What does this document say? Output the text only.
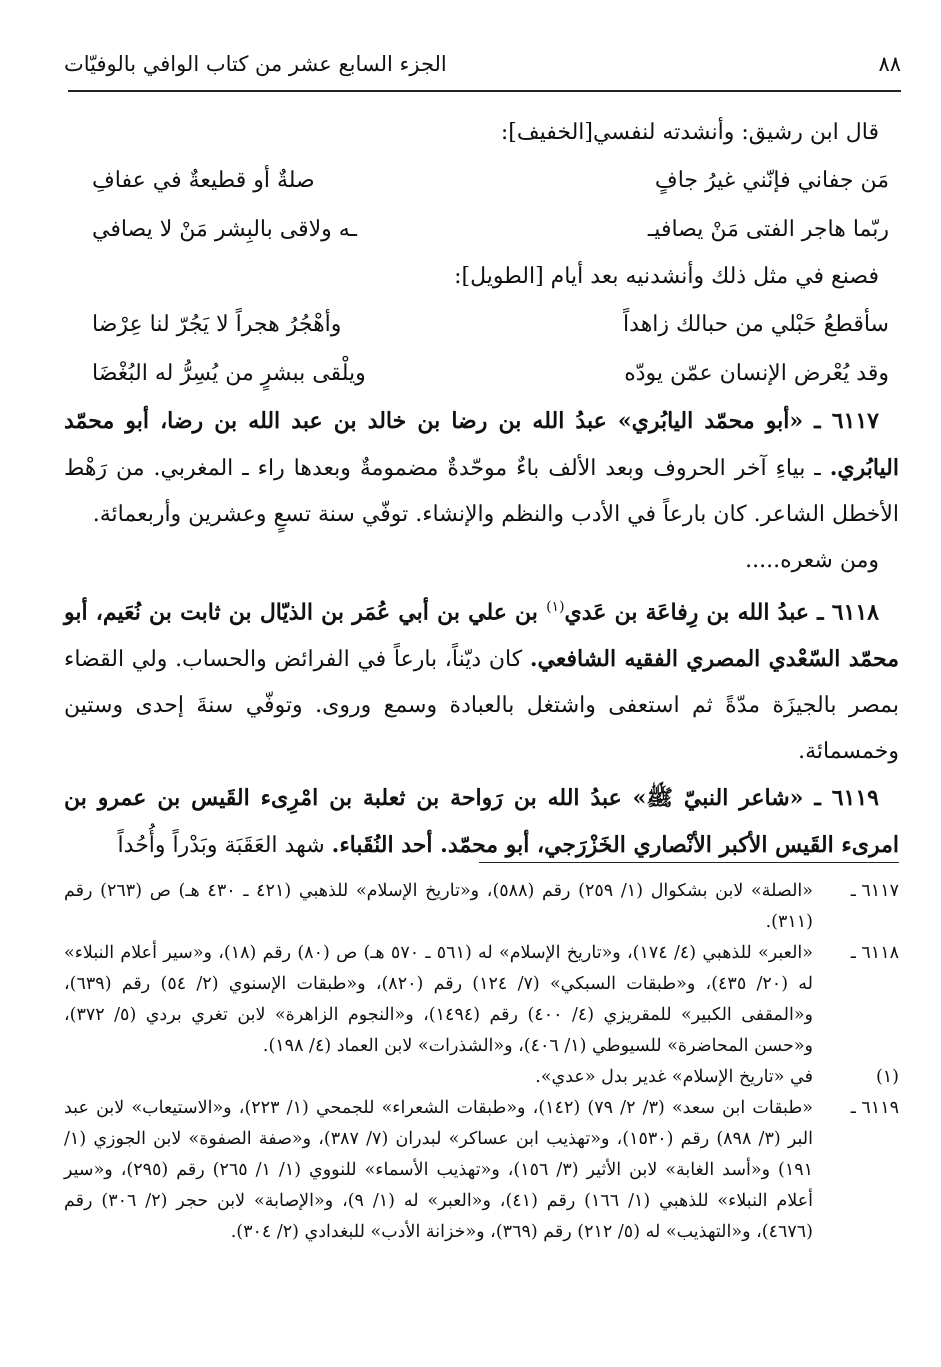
٨٨
الجزء السابع عشر من كتاب الوافي بالوفيّات

قال ابن رشيق: وأنشدته لنفسي[الخفيف]:

مَن جفاني فإنّني غيرُ جافٍ
صلةٌ أو قطيعةٌ في عفافِ
ربّما هاجر الفتى مَنْ يصافيـ
ـه ولاقى بالبِشر مَنْ لا يصافي

فصنع في مثل ذلك وأنشدنيه بعد أيام [الطويل]:

سأقطعُ حَبْلي من حبالك زاهداً
وأهْجُرُ هجراً لا يَجُرّ لنا عِرْضا
وقد يُعْرض الإنسان عمّن يودّه
ويلْقى ببشرٍ من يُسِرُّ له البُغْضَا

٦١١٧ ـ «أبو محمّد اليابُري» عبدُ الله بن رضا بن خالد بن عبد الله بن رضا، أبو محمّد اليابُري. ـ بياءِ آخر الحروف وبعد الألف باءٌ موحّدةٌ مضمومةٌ وبعدها راء ـ المغربي. من رَهْط الأخطل الشاعر. كان بارعاً في الأدب والنظم والإنشاء. توفّي سنة تسعٍ وعشرين وأربعمائة.

ومن شعره.....

٦١١٨ ـ عبدُ الله بن رِفاعَة بن عَدي$^{(١)}$ بن علي بن أبي عُمَر بن الذيّال بن ثابت بن نُعَيم، أبو محمّد السّعْدي المصري الفقيه الشافعي. كان ديّناً، بارعاً في الفرائض والحساب. ولي القضاء بمصر بالجيزَة مدّةً ثم استعفى واشتغل بالعبادة وسمع وروى. وتوفّي سنةَ إحدى وستين وخمسمائة.

٦١١٩ ـ «شاعر النبيّ ﷺ» عبدُ الله بن رَواحة بن ثعلبة بن امْرِىء القَيس بن عمرو بن امرىء القَيس الأكبر الأنْصاري الخَزْرَجي، أبو محمّد. أحد النُقَباء. شهد العَقَبَة وبَدْراً وأُحُداً

٦١١٧ ـ
«الصلة» لابن بشكوال (١/ ٢٥٩) رقم (٥٨٨)، و«تاريخ الإسلام» للذهبي (٤٢١ ـ ٤٣٠ هـ) ص (٢٦٣) رقم (٣١١).
٦١١٨ ـ
«العبر» للذهبي (٤/ ١٧٤)، و«تاريخ الإسلام» له (٥٦١ ـ ٥٧٠ هـ) ص (٨٠) رقم (١٨)، و«سير أعلام النبلاء» له (٢٠/ ٤٣٥)، و«طبقات السبكي» (٧/ ١٢٤) رقم (٨٢٠)، و«طبقات الإسنوي (٢/ ٥٤) رقم (٦٣٩)، و«المقفى الكبير» للمقريزي (٤/ ٤٠٠) رقم (١٤٩٤)، و«النجوم الزاهرة» لابن تغري بردي (٥/ ٣٧٢)، و«حسن المحاضرة» للسيوطي (١/ ٤٠٦)، و«الشذرات» لابن العماد (٤/ ١٩٨).
(١)
في «تاريخ الإسلام» غدير بدل «عدي».
٦١١٩ ـ
«طبقات ابن سعد» (٣/ ٢/ ٧٩) (١٤٢)، و«طبقات الشعراء» للجمحي (١/ ٢٢٣)، و«الاستيعاب» لابن عبد البر (٣/ ٨٩٨) رقم (١٥٣٠)، و«تهذيب ابن عساكر» لبدران (٧/ ٣٨٧)، و«صفة الصفوة» لابن الجوزي (١/ ١٩١) و«أسد الغابة» لابن الأثير (٣/ ١٥٦)، و«تهذيب الأسماء» للنووي (١/ ١/ ٢٦٥) رقم (٢٩٥)، و«سير أعلام النبلاء» للذهبي (١/ ١٦٦) رقم (٤١)، و«العبر» له (١/ ٩)، و«الإصابة» لابن حجر (٢/ ٣٠٦) رقم (٤٦٧٦)، و«التهذيب» له (٥/ ٢١٢) رقم (٣٦٩)، و«خزانة الأدب» للبغدادي (٢/ ٣٠٤).
